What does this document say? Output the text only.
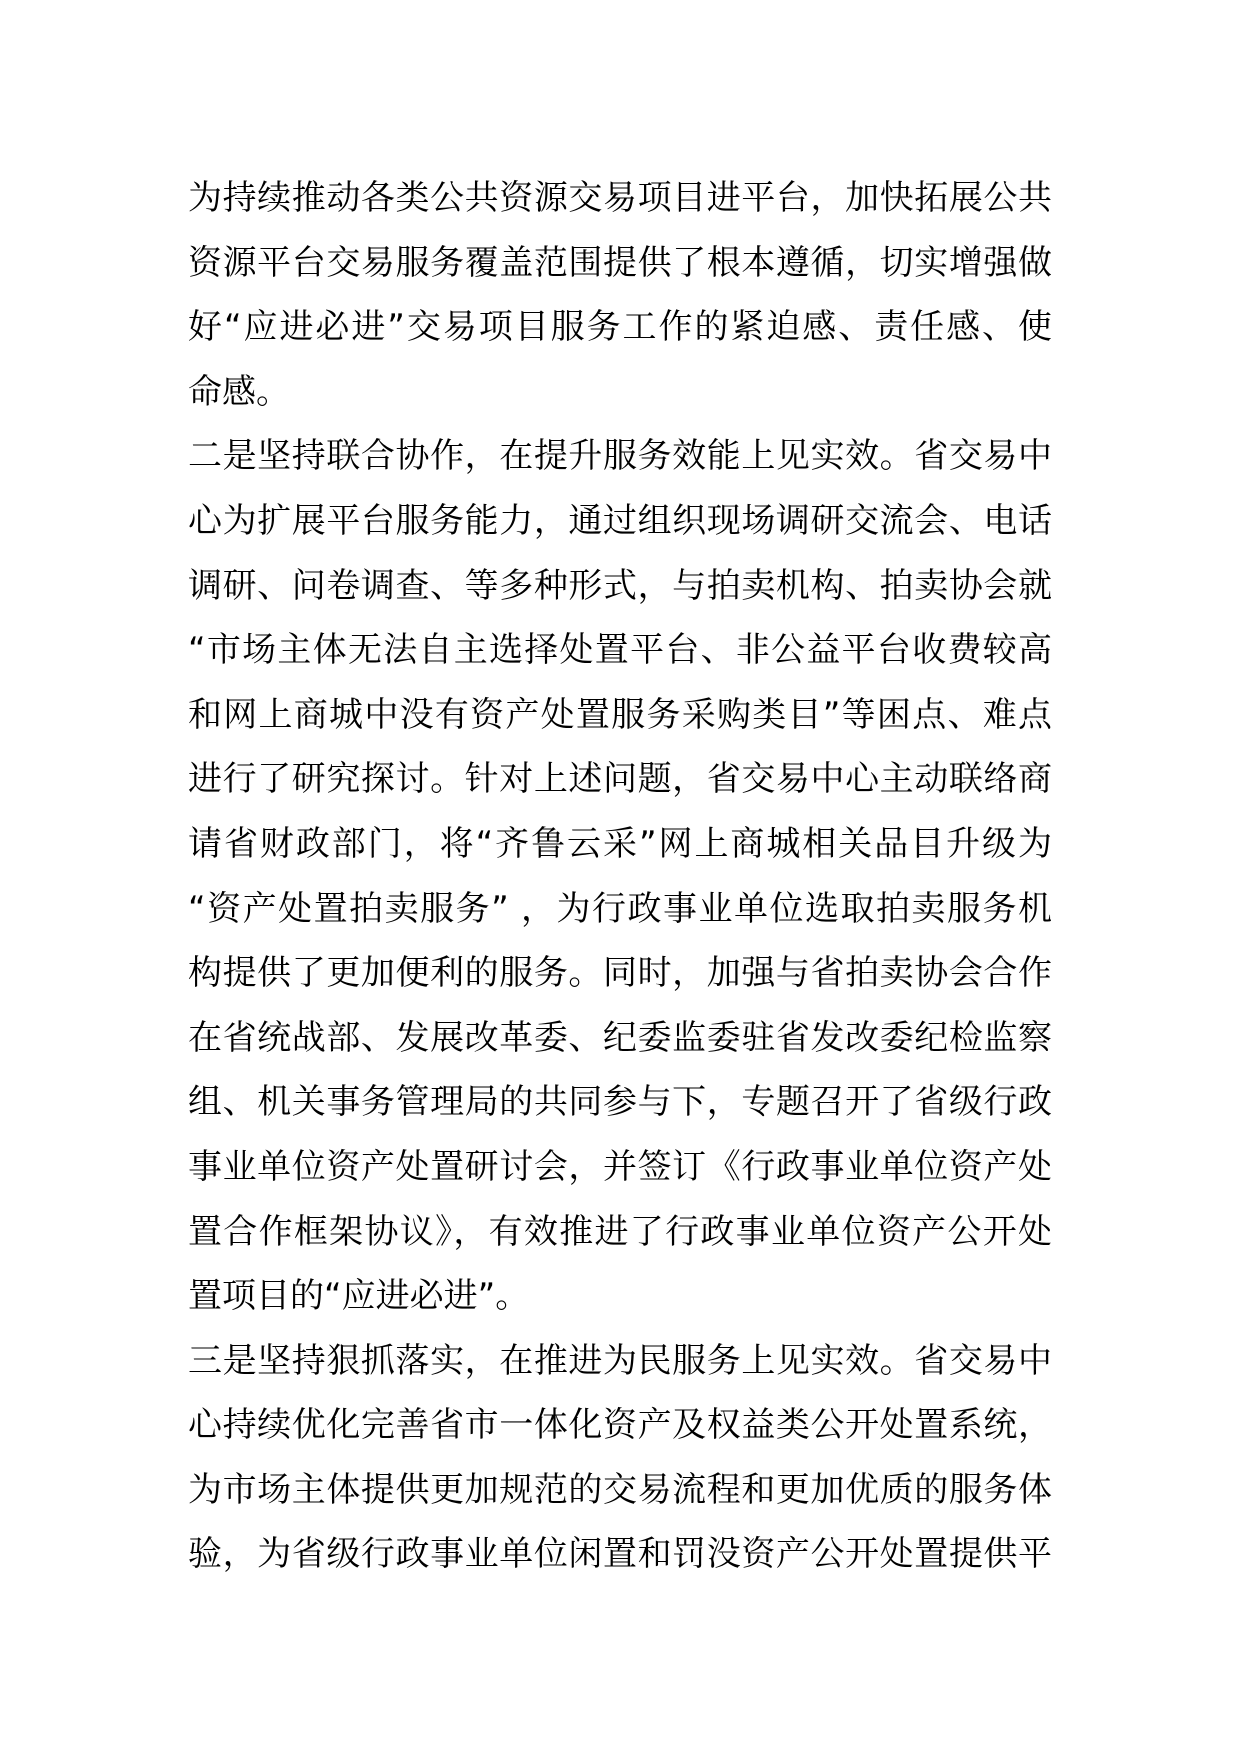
为持续推动各类公共资源交易项目进平台，加快拓展公共
资源平台交易服务覆盖范围提供了根本遵循，切实增强做
好“应进必进”交易项目服务工作的紧迫感、责任感、使
命感。
二是坚持联合协作，在提升服务效能上见实效。省交易中
心为扩展平台服务能力，通过组织现场调研交流会、电话
调研、问卷调查、等多种形式，与拍卖机构、拍卖协会就
“市场主体无法自主选择处置平台、非公益平台收费较高
和网上商城中没有资产处置服务采购类目”等困点、难点
进行了研究探讨。针对上述问题，省交易中心主动联络商
请省财政部门，将“齐鲁云采”网上商城相关品目升级为
“资产处置拍卖服务” ，为行政事业单位选取拍卖服务机
构提供了更加便利的服务。同时，加强与省拍卖协会合作
在省统战部、发展改革委、纪委监委驻省发改委纪检监察
组、机关事务管理局的共同参与下，专题召开了省级行政
事业单位资产处置研讨会，并签订《行政事业单位资产处
置合作框架协议》，有效推进了行政事业单位资产公开处
置项目的“应进必进”。
三是坚持狠抓落实，在推进为民服务上见实效。省交易中
心持续优化完善省市一体化资产及权益类公开处置系统，
为市场主体提供更加规范的交易流程和更加优质的服务体
验，为省级行政事业单位闲置和罚没资产公开处置提供平
